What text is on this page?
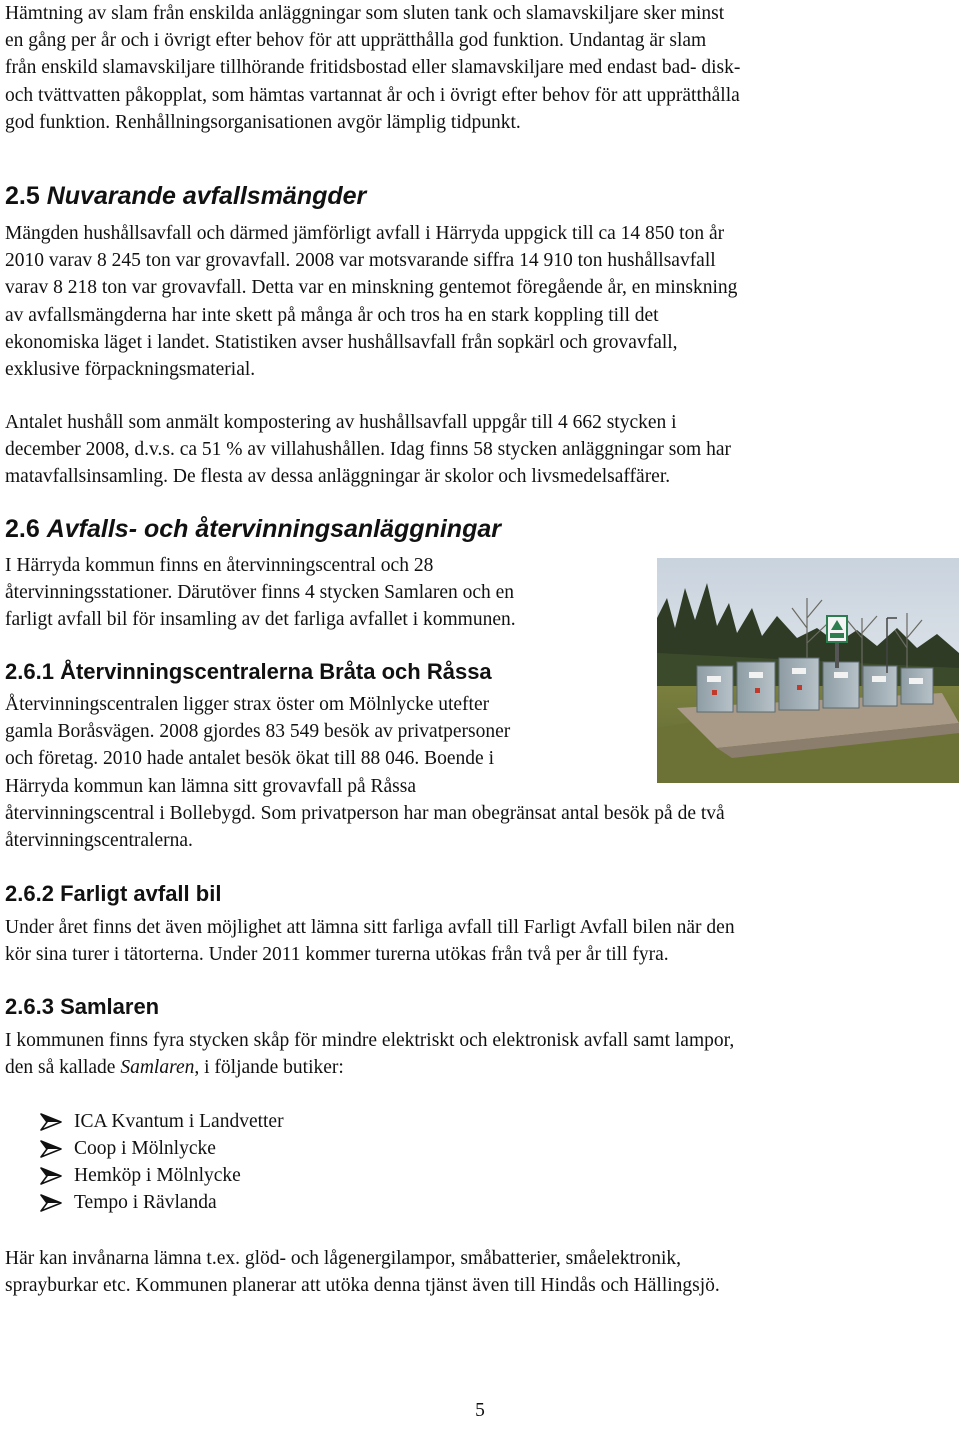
Hämtning av slam från enskilda anläggningar som sluten tank och slamavskiljare sker minst
en gång per år och i övrigt efter behov för att upprätthålla god funktion. Undantag är slam
från enskild slamavskiljare tillhörande fritidsbostad eller slamavskiljare med endast bad- disk-
och tvättvatten påkopplat, som hämtas vartannat år och i övrigt efter behov för att upprätthålla
god funktion. Renhållningsorganisationen avgör lämplig tidpunkt.
2.5 Nuvarande avfallsmängder
Mängden hushållsavfall och därmed jämförligt avfall i Härryda uppgick till ca 14 850 ton år
2010 varav 8 245 ton var grovavfall. 2008 var motsvarande siffra 14 910 ton hushållsavfall
varav 8 218 ton var grovavfall. Detta var en minskning gentemot föregående år, en minskning
av avfallsmängderna har inte skett på många år och tros ha en stark koppling till det
ekonomiska läget i landet. Statistiken avser hushållsavfall från sopkärl och grovavfall,
exklusive förpackningsmaterial.
Antalet hushåll som anmält kompostering av hushållsavfall uppgår till 4 662 stycken i
december 2008, d.v.s. ca 51 % av villahushållen. Idag finns 58 stycken anläggningar som har
matavfallsinsamling. De flesta av dessa anläggningar är skolor och livsmedelsaffärer.
2.6 Avfalls- och återvinningsanläggningar
I Härryda kommun finns en återvinningscentral och 28
återvinningsstationer. Därutöver finns 4 stycken Samlaren och en
farligt avfall bil för insamling av det farliga avfallet i kommunen.
2.6.1 Återvinningscentralerna Bråta och Råssa
Återvinningscentralen ligger strax öster om Mölnlycke utefter
gamla Boråsvägen. 2008 gjordes 83 549 besök av privatpersoner
och företag. 2010 hade antalet besök ökat till 88 046. Boende i
Härryda kommun kan lämna sitt grovavfall på Råssa
återvinningscentral i Bollebygd. Som privatperson har man obegränsat antal besök på de två
återvinningscentralerna.
2.6.2 Farligt avfall bil
Under året finns det även möjlighet att lämna sitt farliga avfall till Farligt Avfall bilen när den
kör sina turer i tätorterna. Under 2011 kommer turerna utökas från två per år till fyra.
2.6.3 Samlaren
I kommunen finns fyra stycken skåp för mindre elektriskt och elektronisk avfall samt lampor,
den så kallade Samlaren, i följande butiker:
ICA Kvantum i Landvetter
Coop i Mölnlycke
Hemköp i Mölnlycke
Tempo i Rävlanda
Här kan invånarna lämna t.ex. glöd- och lågenergilampor, småbatterier, småelektronik,
sprayburkar etc. Kommunen planerar att utöka denna tjänst även till Hindås och Hällingsjö.
5
